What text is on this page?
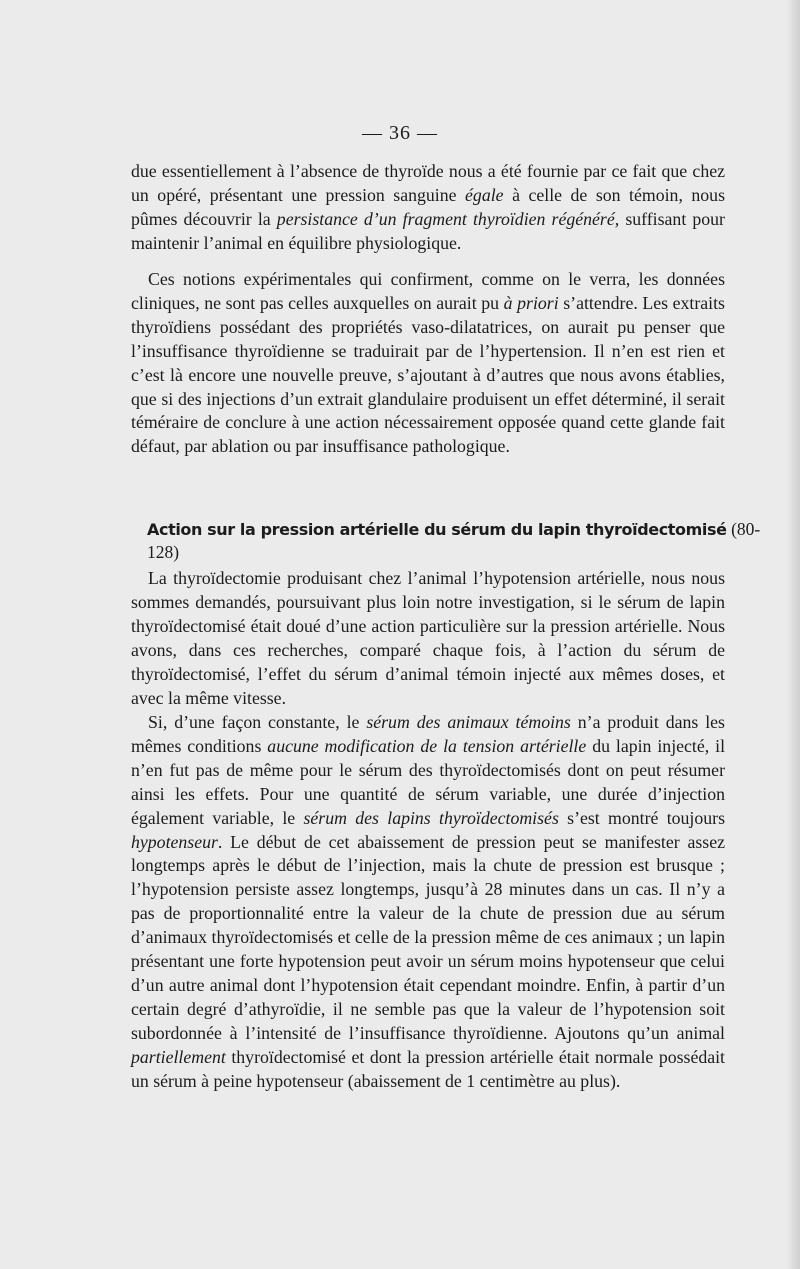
— 36 —

due essentiellement à l’absence de thyroïde nous a été fournie par ce fait que chez un opéré, présentant une pression sanguine égale à celle de son témoin, nous pûmes découvrir la persistance d’un fragment thyroïdien régénéré, suffisant pour maintenir l’animal en équilibre physiologique.

Ces notions expérimentales qui confirment, comme on le verra, les données cliniques, ne sont pas celles auxquelles on aurait pu à priori s’attendre. Les extraits thyroïdiens possédant des propriétés vaso-dilatatrices, on aurait pu penser que l’insuffisance thyroïdienne se traduirait par de l’hypertension. Il n’en est rien et c’est là encore une nouvelle preuve, s’ajoutant à d’autres que nous avons établies, que si des injections d’un extrait glandulaire produisent un effet déterminé, il serait téméraire de conclure à une action nécessairement opposée quand cette glande fait défaut, par ablation ou par insuffisance pathologique.

Action sur la pression artérielle du sérum du lapin thyroïdectomisé (80-128)

La thyroïdectomie produisant chez l’animal l’hypotension artérielle, nous nous sommes demandés, poursuivant plus loin notre investigation, si le sérum de lapin thyroïdectomisé était doué d’une action particulière sur la pression artérielle. Nous avons, dans ces recherches, comparé chaque fois, à l’action du sérum de thyroïdectomisé, l’effet du sérum d’animal témoin injecté aux mêmes doses, et avec la même vitesse.

Si, d’une façon constante, le sérum des animaux témoins n’a produit dans les mêmes conditions aucune modification de la tension artérielle du lapin injecté, il n’en fut pas de même pour le sérum des thyroïdectomisés dont on peut résumer ainsi les effets. Pour une quantité de sérum variable, une durée d’injection également variable, le sérum des lapins thyroïdectomisés s’est montré toujours hypotenseur. Le début de cet abaissement de pression peut se manifester assez longtemps après le début de l’injection, mais la chute de pression est brusque ; l’hypotension persiste assez longtemps, jusqu’à 28 minutes dans un cas. Il n’y a pas de proportionnalité entre la valeur de la chute de pression due au sérum d’animaux thyroïdectomisés et celle de la pression même de ces animaux ; un lapin présentant une forte hypotension peut avoir un sérum moins hypotenseur que celui d’un autre animal dont l’hypotension était cependant moindre. Enfin, à partir d’un certain degré d’athyroïdie, il ne semble pas que la valeur de l’hypotension soit subordonnée à l’intensité de l’insuffisance thyroïdienne. Ajoutons qu’un animal partiellement thyroïdectomisé et dont la pression artérielle était normale possédait un sérum à peine hypotenseur (abaissement de 1 centimètre au plus).
